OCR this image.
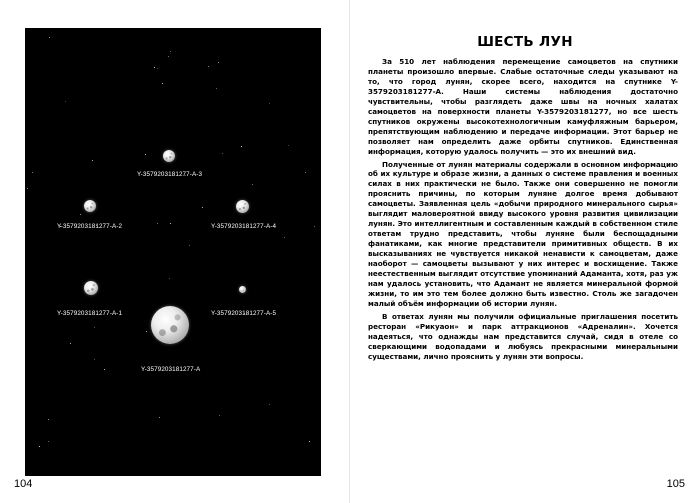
Y-3579203181277-A-3
Y-3579203181277-A-2	Y-3579203181277-A-4
Y-3579203181277-A-1	Y-3579203181277-A-5
Y-3579203181277-A
104
ШЕСТЬ ЛУН

За 510 лет наблюдения перемещение самоцветов на спутники планеты произошло впервые. Слабые остаточные следы указывают на то, что город лунян, скорее всего, находится на спутнике Y-3579203181277-А. Наши системы наблюдения достаточно чувствительны, чтобы разглядеть даже швы на ночных халатах самоцветов на поверхности планеты Y-3579203181277, но все шесть спутников окружены высокотехнологичным камуфляжным барьером, препятствующим наблюдению и передаче информации. Этот барьер не позволяет нам определить даже орбиты спутников. Единственная информация, которую удалось получить — это их внешний вид.

Полученные от лунян материалы содержали в основном информацию об их культуре и образе жизни, а данных о системе правления и военных силах в них практически не было. Также они совершенно не помогли прояснить причины, по которым луняне долгое время добывают самоцветы. Заявленная цель «добычи природного минерального сырья» выглядит маловероятной ввиду высокого уровня развития цивилизации лунян. Это интеллигентным и составленным каждый в собственном стиле ответам трудно представить, чтобы луняне были беспощадными фанатиками, как многие представители примитивных обществ. В их высказываниях не чувствуется никакой ненависти к самоцветам, даже наоборот — самоцветы вызывают у них интерес и восхищение. Также неестественным выглядит отсутствие упоминаний Адаманта, хотя, раз уж нам удалось установить, что Адамант не является минеральной формой жизни, то им это тем более должно быть известно. Столь же загадочен малый объём информации об истории лунян.

В ответах лунян мы получили официальные приглашения посетить ресторан «Рикуаон» и парк аттракционов «Адреналин». Хочется надеяться, что однажды нам представится случай, сидя в отеле со сверкающими водопадами и любуясь прекрасными минеральными существами, лично прояснить у лунян эти вопросы.

105
